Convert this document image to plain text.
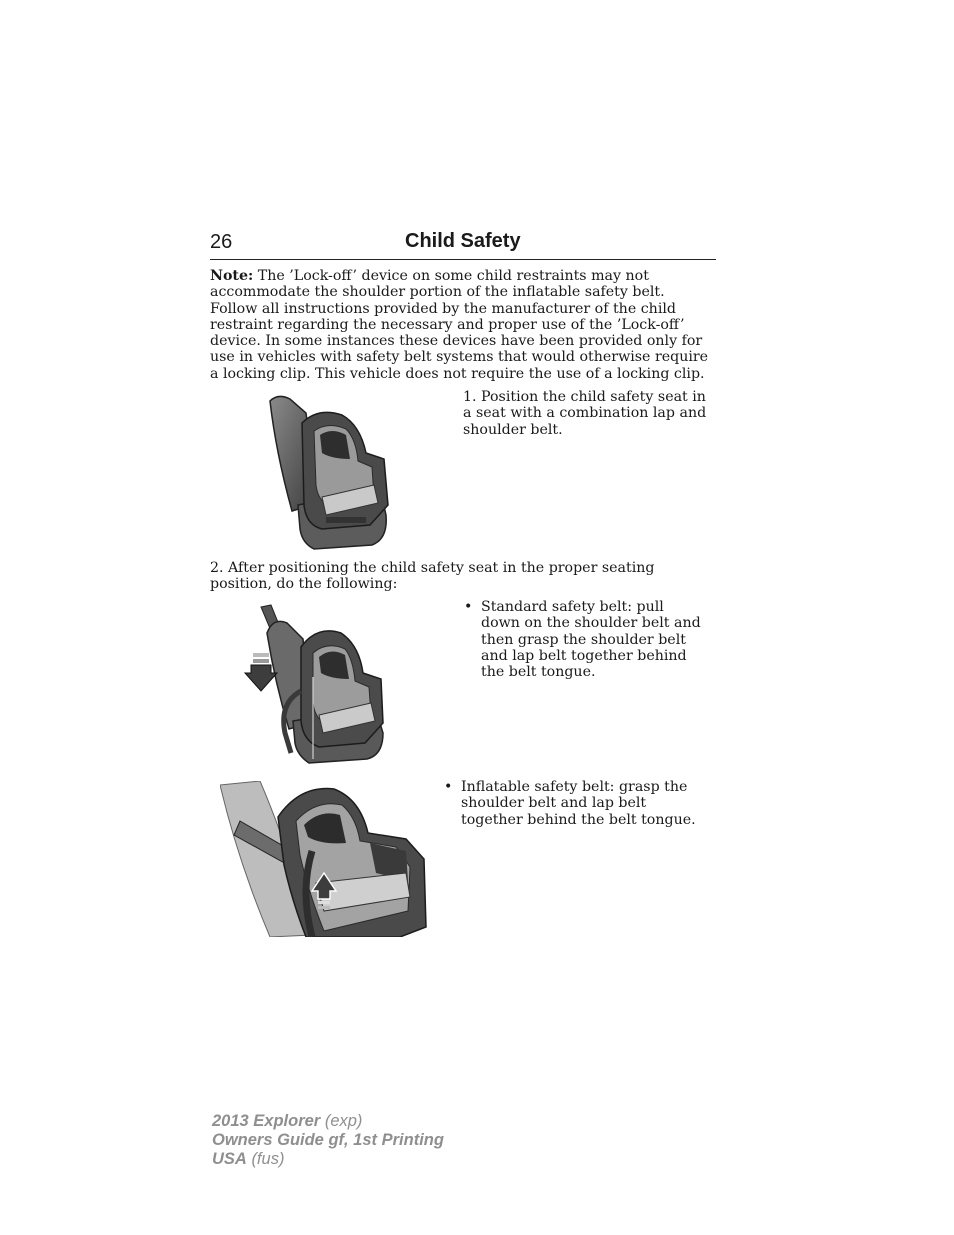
26	Child Safety

Note: The ’Lock-off’ device on some child restraints may not accommodate the shoulder portion of the inflatable safety belt. Follow all instructions provided by the manufacturer of the child restraint regarding the necessary and proper use of the ’Lock-off’ device. In some instances these devices have been provided only for use in vehicles with safety belt systems that would otherwise require a locking clip. This vehicle does not require the use of a locking clip.

1. Position the child safety seat in a seat with a combination lap and shoulder belt.

2. After positioning the child safety seat in the proper seating position, do the following:

• Standard safety belt: pull down on the shoulder belt and then grasp the shoulder belt and lap belt together behind the belt tongue.

• Inflatable safety belt: grasp the shoulder belt and lap belt together behind the belt tongue.

2013 Explorer (exp)
Owners Guide gf, 1st Printing
USA (fus)
